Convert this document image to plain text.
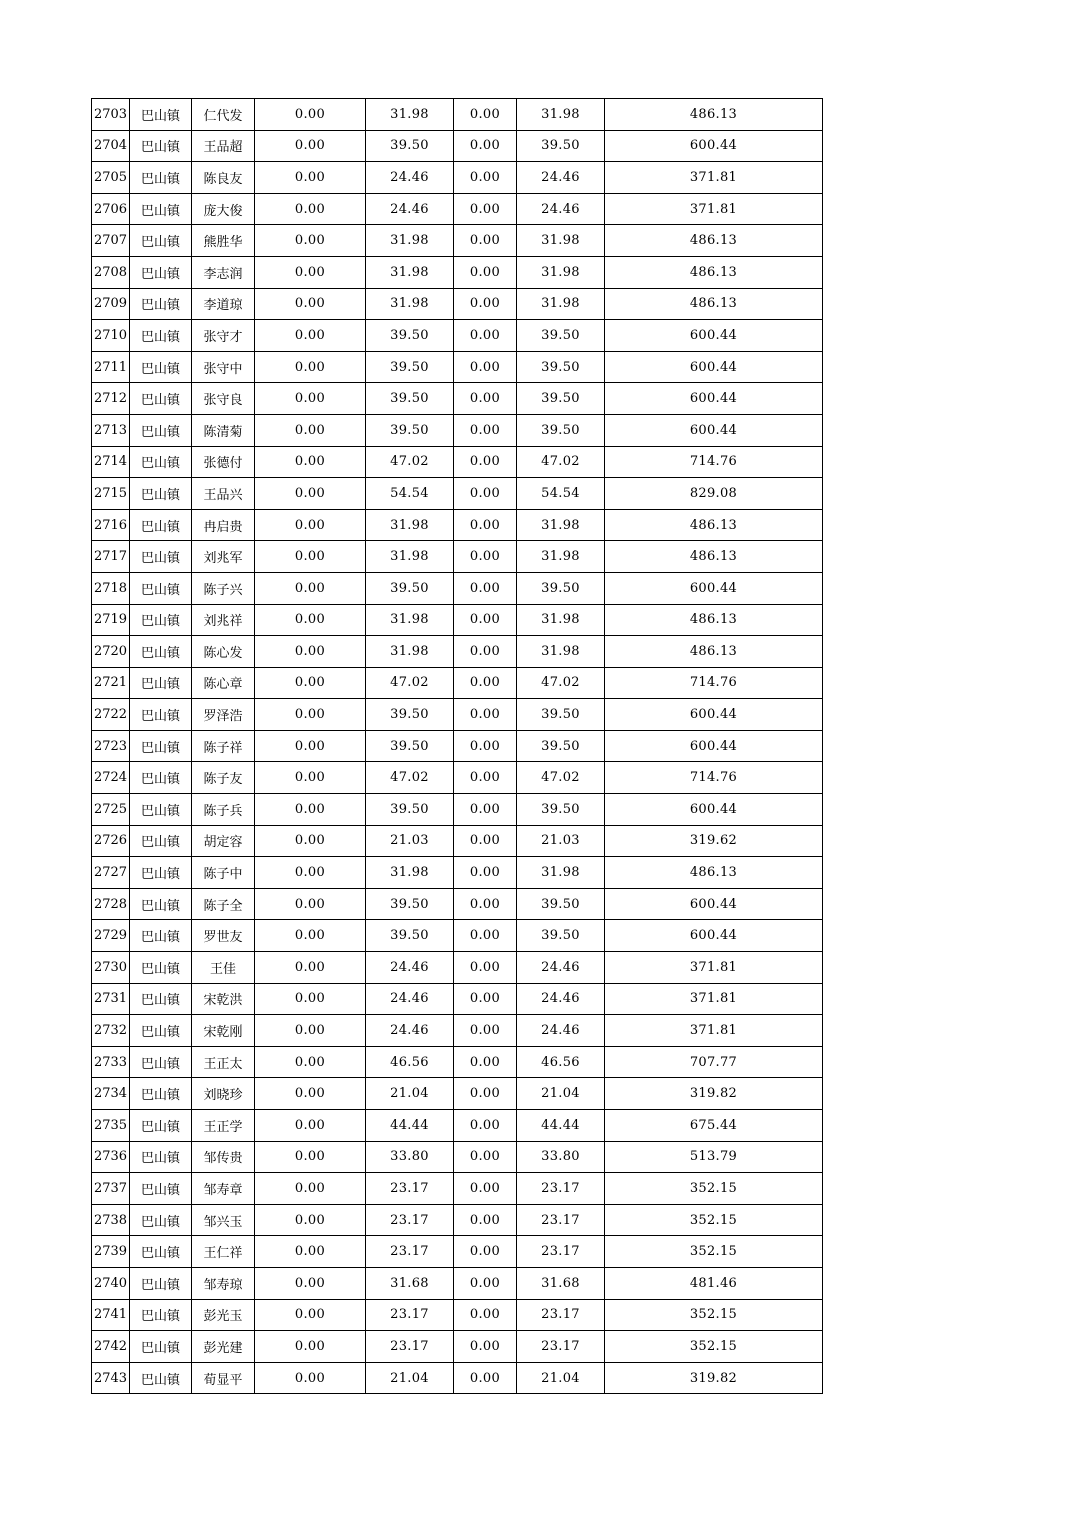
2703	巴山镇	仁代发	0.00	31.98	0.00	31.98	486.13
2704	巴山镇	王品超	0.00	39.50	0.00	39.50	600.44
2705	巴山镇	陈良友	0.00	24.46	0.00	24.46	371.81
2706	巴山镇	庞大俊	0.00	24.46	0.00	24.46	371.81
2707	巴山镇	熊胜华	0.00	31.98	0.00	31.98	486.13
2708	巴山镇	李志润	0.00	31.98	0.00	31.98	486.13
2709	巴山镇	李道琼	0.00	31.98	0.00	31.98	486.13
2710	巴山镇	张守才	0.00	39.50	0.00	39.50	600.44
2711	巴山镇	张守中	0.00	39.50	0.00	39.50	600.44
2712	巴山镇	张守良	0.00	39.50	0.00	39.50	600.44
2713	巴山镇	陈清菊	0.00	39.50	0.00	39.50	600.44
2714	巴山镇	张德付	0.00	47.02	0.00	47.02	714.76
2715	巴山镇	王品兴	0.00	54.54	0.00	54.54	829.08
2716	巴山镇	冉启贵	0.00	31.98	0.00	31.98	486.13
2717	巴山镇	刘兆军	0.00	31.98	0.00	31.98	486.13
2718	巴山镇	陈子兴	0.00	39.50	0.00	39.50	600.44
2719	巴山镇	刘兆祥	0.00	31.98	0.00	31.98	486.13
2720	巴山镇	陈心发	0.00	31.98	0.00	31.98	486.13
2721	巴山镇	陈心章	0.00	47.02	0.00	47.02	714.76
2722	巴山镇	罗泽浩	0.00	39.50	0.00	39.50	600.44
2723	巴山镇	陈子祥	0.00	39.50	0.00	39.50	600.44
2724	巴山镇	陈子友	0.00	47.02	0.00	47.02	714.76
2725	巴山镇	陈子兵	0.00	39.50	0.00	39.50	600.44
2726	巴山镇	胡定容	0.00	21.03	0.00	21.03	319.62
2727	巴山镇	陈子中	0.00	31.98	0.00	31.98	486.13
2728	巴山镇	陈子全	0.00	39.50	0.00	39.50	600.44
2729	巴山镇	罗世友	0.00	39.50	0.00	39.50	600.44
2730	巴山镇	王佳	0.00	24.46	0.00	24.46	371.81
2731	巴山镇	宋乾洪	0.00	24.46	0.00	24.46	371.81
2732	巴山镇	宋乾刚	0.00	24.46	0.00	24.46	371.81
2733	巴山镇	王正太	0.00	46.56	0.00	46.56	707.77
2734	巴山镇	刘晓珍	0.00	21.04	0.00	21.04	319.82
2735	巴山镇	王正学	0.00	44.44	0.00	44.44	675.44
2736	巴山镇	邹传贵	0.00	33.80	0.00	33.80	513.79
2737	巴山镇	邹寿章	0.00	23.17	0.00	23.17	352.15
2738	巴山镇	邹兴玉	0.00	23.17	0.00	23.17	352.15
2739	巴山镇	王仁祥	0.00	23.17	0.00	23.17	352.15
2740	巴山镇	邹寿琼	0.00	31.68	0.00	31.68	481.46
2741	巴山镇	彭光玉	0.00	23.17	0.00	23.17	352.15
2742	巴山镇	彭光建	0.00	23.17	0.00	23.17	352.15
2743	巴山镇	荀显平	0.00	21.04	0.00	21.04	319.82
